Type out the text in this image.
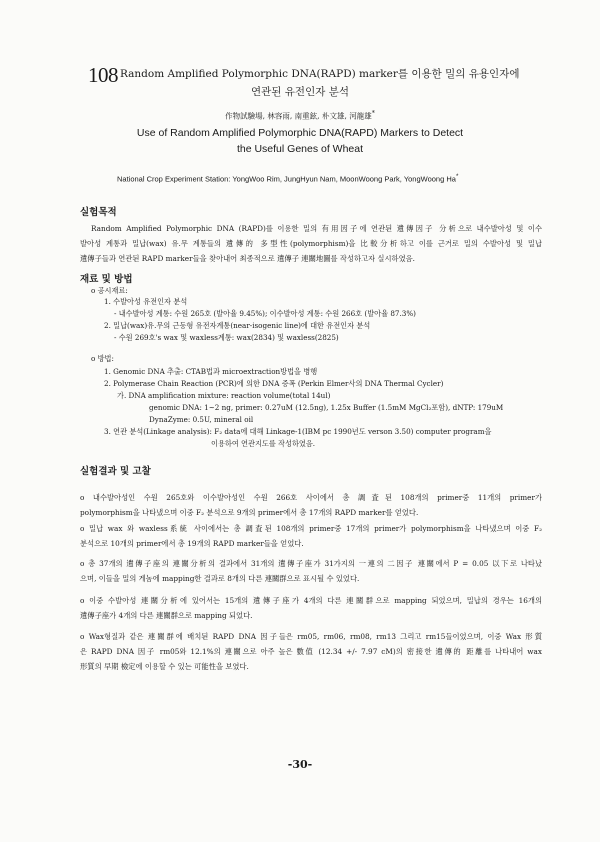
108 Random Amplified Polymorphic DNA(RAPD) marker를 이용한 밀의 유용인자에
연관된 유전인자 분석
作物試驗場, 林容雨, 南重鉉, 朴文雄, 河龍雄*
Use of Random Amplified Polymorphic DNA(RAPD) Markers to Detect
the Useful Genes of Wheat
National Crop Experiment Station: YongWoo Rim, JungHyun Nam, MoonWoong Park, YongWoong Ha*
실험목적
Random Amplified Polymorphic DNA (RAPD)를 이용한 밀의 有用因子에 연관된 遺傳因子 分析으로 내수발아성 및 이수
발아성 계통과 밀납(wax) 유.무 계통들의 遺傳的 多型性(polymorphism)을 比較分析하고 이를 근거로 밀의 수발아성 및 밀납
遺傳子들과 연관된 RAPD marker들을 찾아내어 최종적으로 遺傳子 連關地圖를 작성하고자 실시하였음.
재료 및 방법
o 공시재료:
1. 수발아성 유전인자 분석
- 내수발아성 계통: 수원 265호 (발아율 9.45%); 이수발아성 계통: 수원 266호 (발아율 87.3%)
2. 밀납(wax)유.무의 근동형 유전자계통(near-isogenic line)에 대한 유전인자 분석
- 수원 269호's wax 및 waxless계통: wax(2834) 및 waxless(2825)
o 방법:
1. Genomic DNA 추출: CTAB법과 microextraction방법을 병행
2. Polymerase Chain Reaction (PCR)에 의한 DNA 증폭 (Perkin Elmer사의 DNA Thermal Cycler)
가. DNA amplification mixture: reaction volume(total 14ul)
genomic DNA: 1~2 ng, primer: 0.27uM (12.5ng), 1.25x Buffer (1.5mM MgCl₂포함), dNTP: 179uM
DynaZyme: 0.5U, mineral oil
3. 연관 분석(Linkage analysis): F₂ data에 대해 Linkage-1(IBM pc 1990년도 verson 3.50) computer program을
이용하여 연관지도를 작성하였음.
실험결과 및 고찰
o 내수발아성인 수원 265호와 이수발아성인 수원 266호 사이에서 총 調査된 108개의 primer중 11개의 primer가
polymorphism을 나타냈으며 이중 F₂ 분석으로 9개의 primer에서 총 17개의 RAPD marker를 얻었다.
o 밀납 wax 와 waxless系統 사이에서는 총 調査된 108개의 primer중 17개의 primer가 polymorphism을 나타냈으며 이중 F₂
분석으로 10개의 primer에서 총 19개의 RAPD marker들을 얻었다.
o 총 37개의 遺傳子座의 連關分析의 결과에서 31개의 遺傳子座가 31가지의 一連의 二因子 連關에서 P = 0.05 以下로 나타났
으며, 이들을 밀의 게놈에 mapping한 결과로 8개의 다른 連關群으로 표시될 수 있었다.
o 이중 수발아성 連關分析에 있어서는 15개의 遺傳子座가 4개의 다른 連關群으로 mapping 되었으며, 밀납의 경우는 16개의
遺傳子座가 4개의 다른 連關群으로 mapping 되었다.
o Wax형질과 같은 連關群에 배치된 RAPD DNA 因子들은 rm05, rm06, rm08, rm13 그리고 rm15들이었으며, 이중 Wax 形質
은 RAPD DNA 因子 rm05와 12.1%의 連關으로 아주 높은 數值 (12.34 +/- 7.97 cM)의 密接한 遺傳的 距離를 나타내어 wax
形質의 早期 檢定에 이용할 수 있는 可能性을 보였다.
-30-
